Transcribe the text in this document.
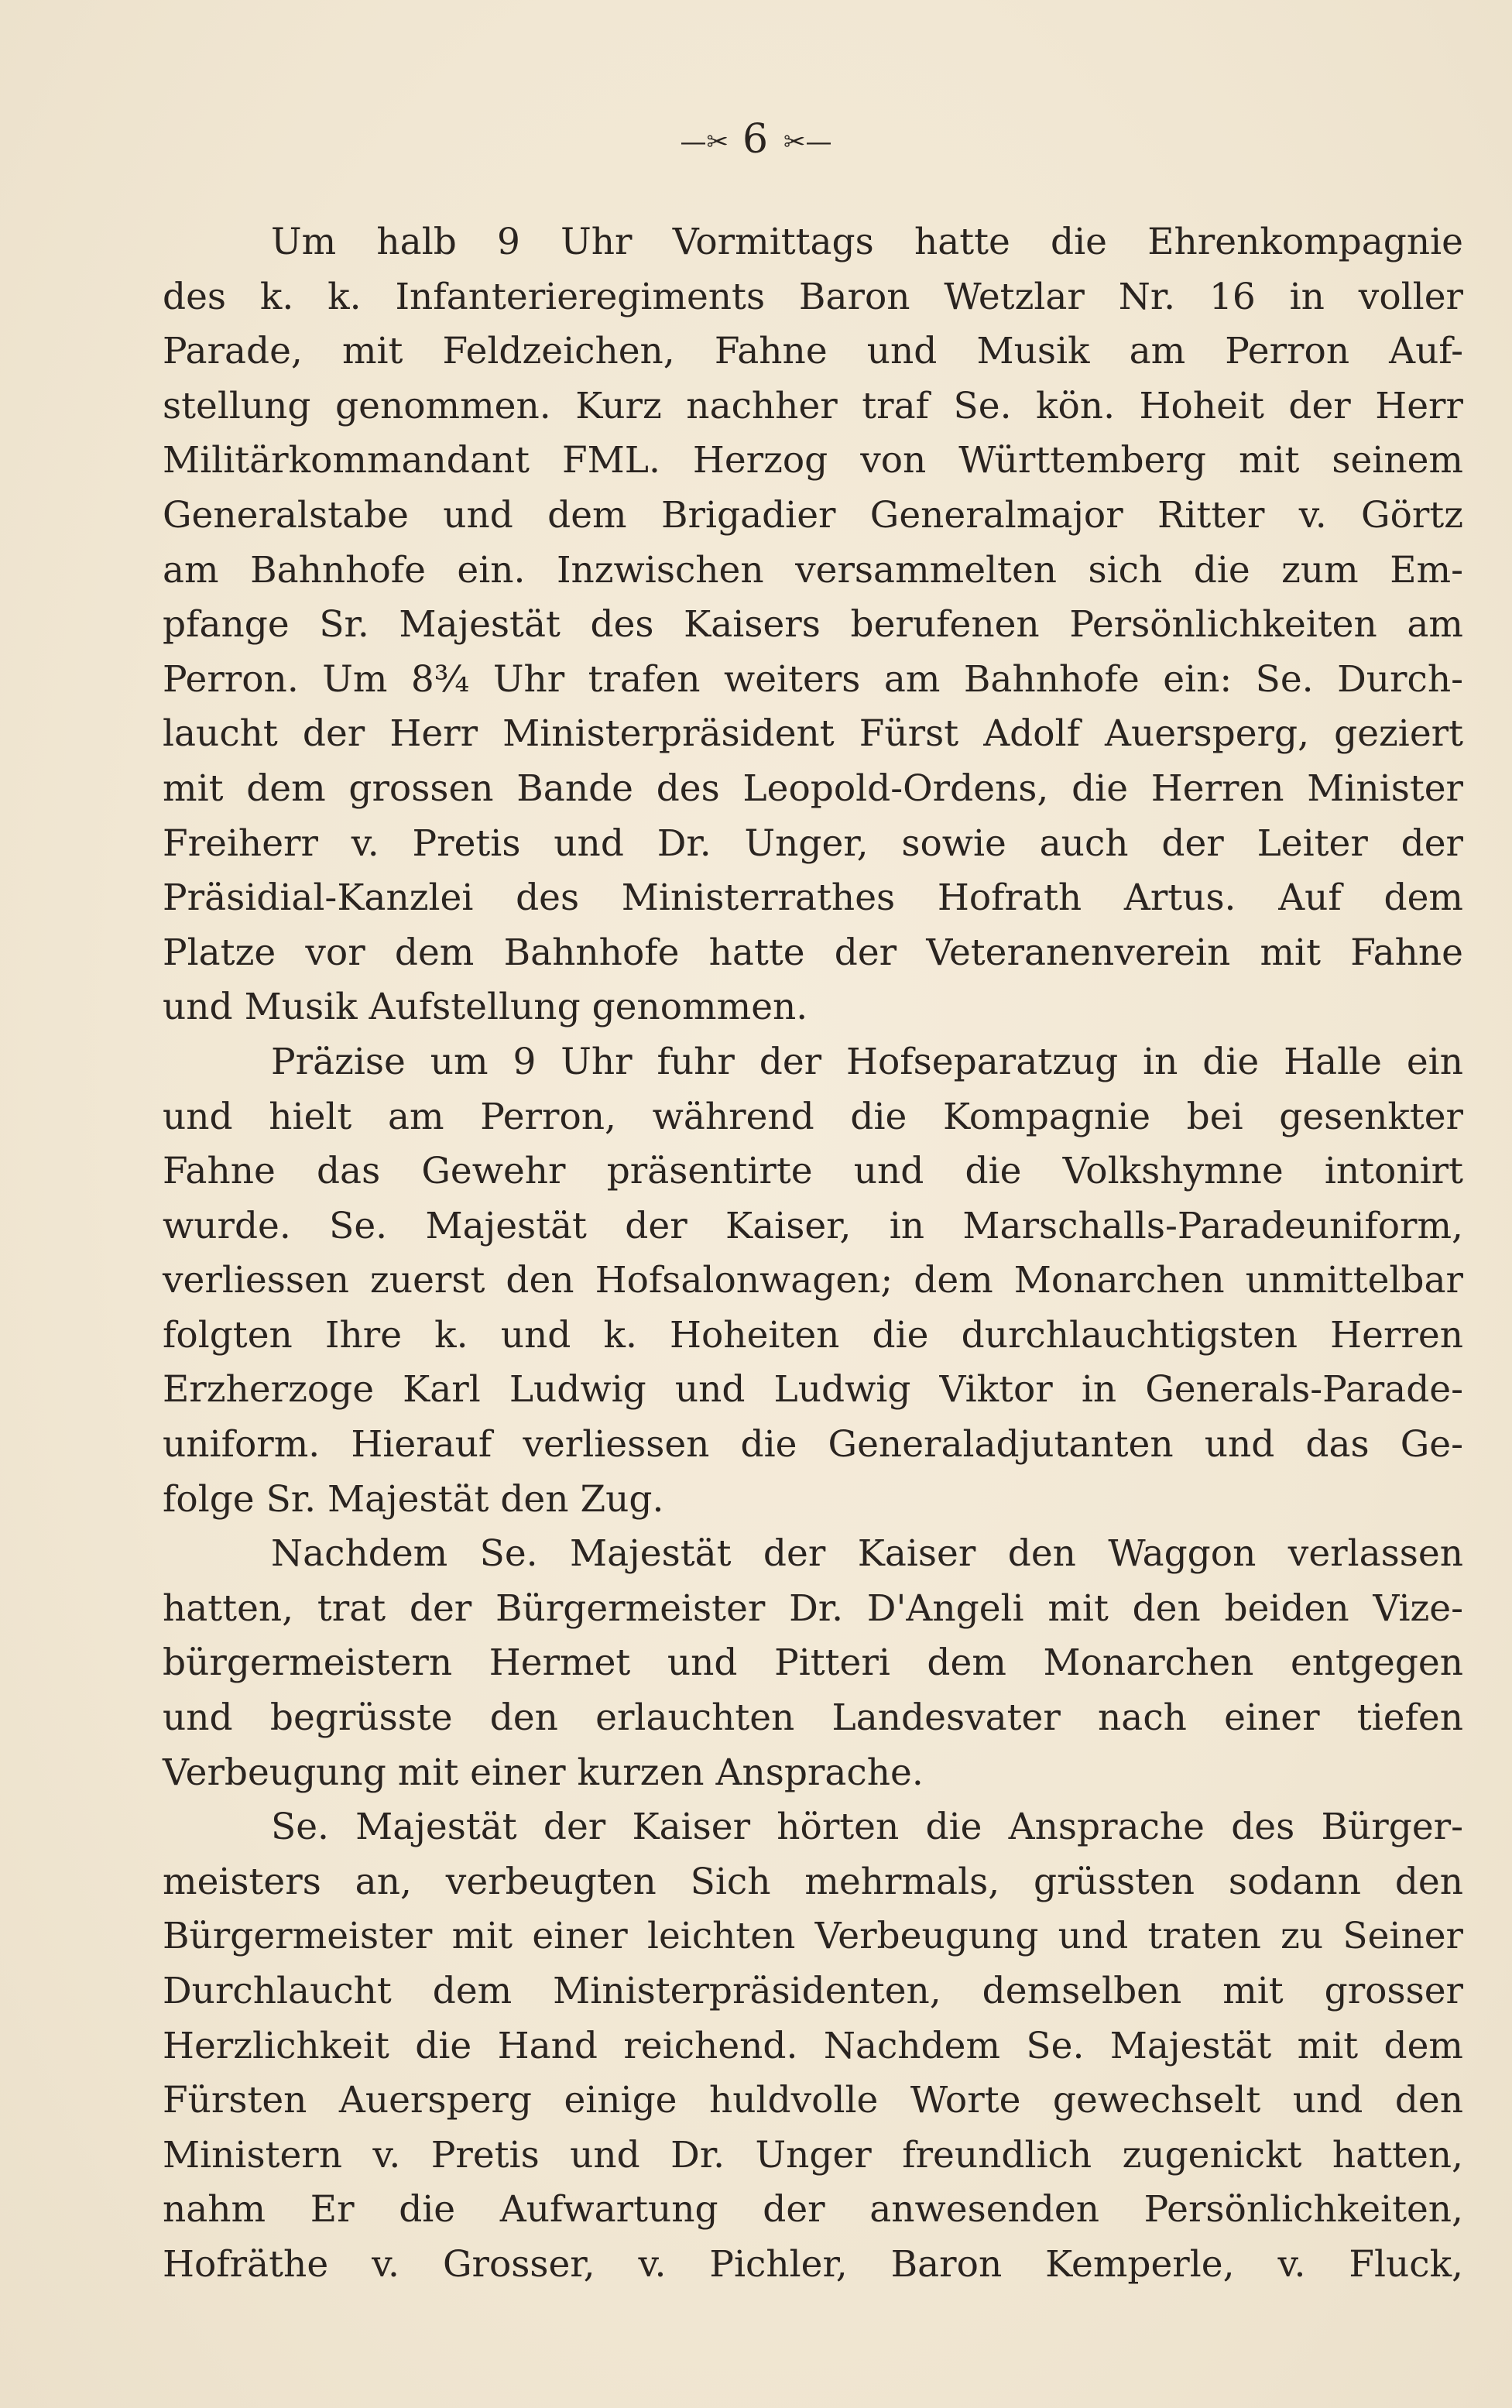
—✂︎ 6 ✂︎—
Um halb 9 Uhr Vormittags hatte die Ehrenkompagnie
des k. k. Infanterieregiments Baron Wetzlar Nr. 16 in voller
Parade, mit Feldzeichen, Fahne und Musik am Perron Auf-
stellung genommen. Kurz nachher traf Se. kön. Hoheit der Herr
Militärkommandant FML. Herzog von Württemberg mit seinem
Generalstabe und dem Brigadier Generalmajor Ritter v. Görtz
am Bahnhofe ein. Inzwischen versammelten sich die zum Em-
pfange Sr. Majestät des Kaisers berufenen Persönlichkeiten am
Perron. Um 8¾ Uhr trafen weiters am Bahnhofe ein: Se. Durch-
laucht der Herr Ministerpräsident Fürst Adolf Auersperg, geziert
mit dem grossen Bande des Leopold-Ordens, die Herren Minister
Freiherr v. Pretis und Dr. Unger, sowie auch der Leiter der
Präsidial-Kanzlei des Ministerrathes Hofrath Artus. Auf dem
Platze vor dem Bahnhofe hatte der Veteranenverein mit Fahne
und Musik Aufstellung genommen.
Präzise um 9 Uhr fuhr der Hofseparatzug in die Halle ein
und hielt am Perron, während die Kompagnie bei gesenkter
Fahne das Gewehr präsentirte und die Volkshymne intonirt
wurde. Se. Majestät der Kaiser, in Marschalls-Paradeuniform,
verliessen zuerst den Hofsalonwagen; dem Monarchen unmittelbar
folgten Ihre k. und k. Hoheiten die durchlauchtigsten Herren
Erzherzoge Karl Ludwig und Ludwig Viktor in Generals-Parade-
uniform. Hierauf verliessen die Generaladjutanten und das Ge-
folge Sr. Majestät den Zug.
Nachdem Se. Majestät der Kaiser den Waggon verlassen
hatten, trat der Bürgermeister Dr. D'Angeli mit den beiden Vize-
bürgermeistern Hermet und Pitteri dem Monarchen entgegen
und begrüsste den erlauchten Landesvater nach einer tiefen
Verbeugung mit einer kurzen Ansprache.
Se. Majestät der Kaiser hörten die Ansprache des Bürger-
meisters an, verbeugten Sich mehrmals, grüssten sodann den
Bürgermeister mit einer leichten Verbeugung und traten zu Seiner
Durchlaucht dem Ministerpräsidenten, demselben mit grosser
Herzlichkeit die Hand reichend. Nachdem Se. Majestät mit dem
Fürsten Auersperg einige huldvolle Worte gewechselt und den
Ministern v. Pretis und Dr. Unger freundlich zugenickt hatten,
nahm Er die Aufwartung der anwesenden Persönlichkeiten,
Hofräthe v. Grosser, v. Pichler, Baron Kemperle, v. Fluck,
